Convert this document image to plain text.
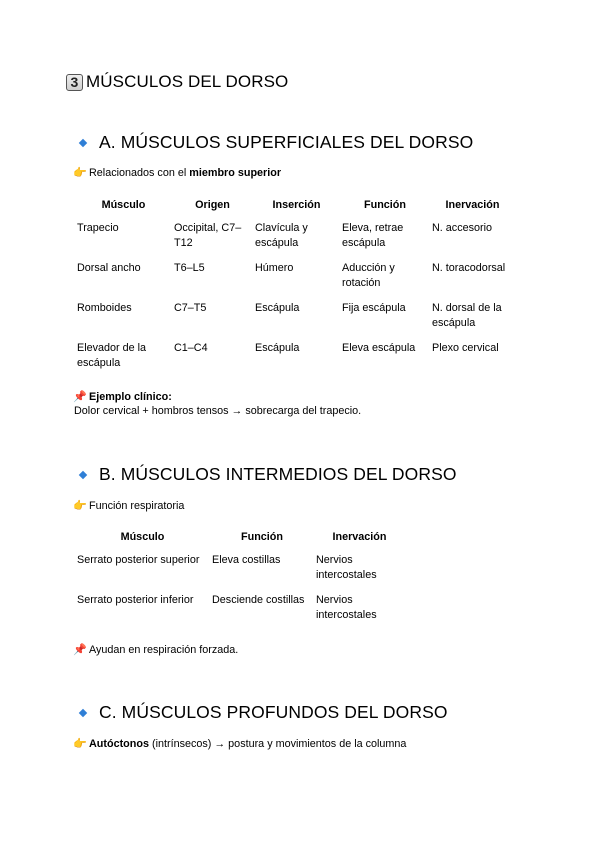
3 MÚSCULOS DEL DORSO
A. MÚSCULOS SUPERFICIALES DEL DORSO
👉 Relacionados con el miembro superior
Músculo	Origen	Inserción	Función	Inervación
Trapecio	Occipital, C7–T12	Clavícula y escápula	Eleva, retrae escápula	N. accesorio
Dorsal ancho	T6–L5	Húmero	Aducción y rotación	N. toracodorsal
Romboides	C7–T5	Escápula	Fija escápula	N. dorsal de la escápula
Elevador de la escápula	C1–C4	Escápula	Eleva escápula	Plexo cervical
📌 Ejemplo clínico:
Dolor cervical + hombros tensos → sobrecarga del trapecio.
B. MÚSCULOS INTERMEDIOS DEL DORSO
👉 Función respiratoria
Músculo	Función	Inervación
Serrato posterior superior	Eleva costillas	Nervios intercostales
Serrato posterior inferior	Desciende costillas	Nervios intercostales
📌 Ayudan en respiración forzada.
C. MÚSCULOS PROFUNDOS DEL DORSO
👉 Autóctonos (intrínsecos) → postura y movimientos de la columna
